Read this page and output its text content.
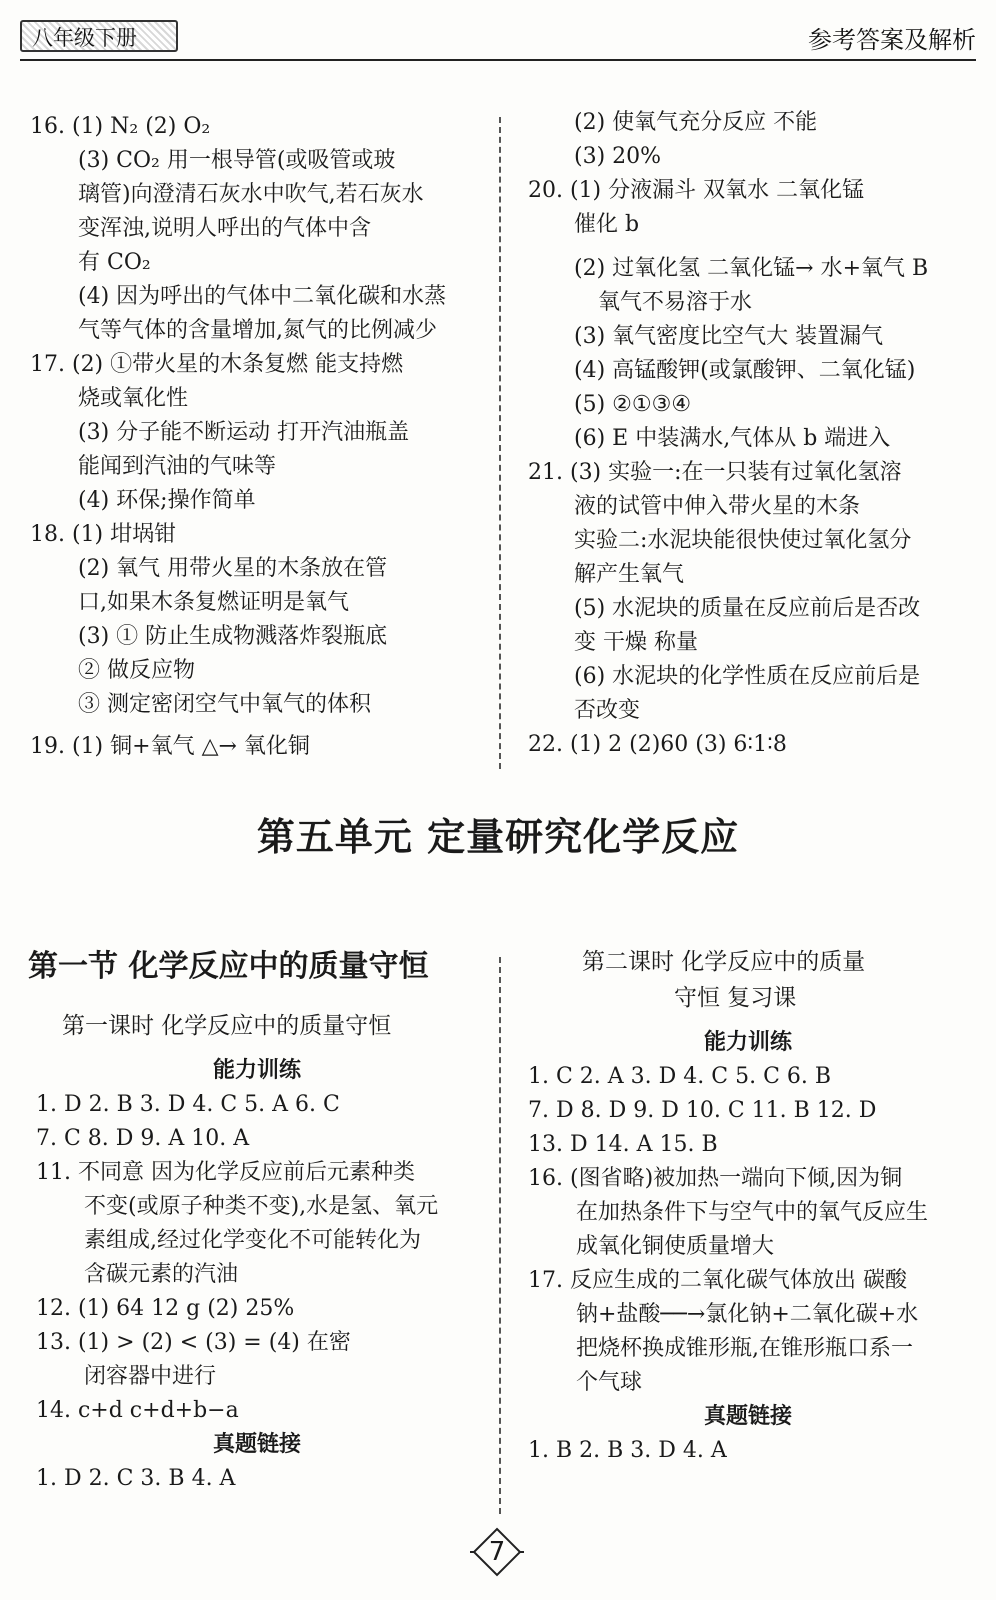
八年级下册	参考答案及解析
16. (1) N₂ (2) O₂
(3) CO₂ 用一根导管(或吸管或玻
璃管)向澄清石灰水中吹气,若石灰水
变浑浊,说明人呼出的气体中含
有 CO₂
(4) 因为呼出的气体中二氧化碳和水蒸
气等气体的含量增加,氮气的比例减少
17. (2) ①带火星的木条复燃 能支持燃
烧或氧化性
(3) 分子能不断运动 打开汽油瓶盖
能闻到汽油的气味等
(4) 环保;操作简单
18. (1) 坩埚钳
(2) 氧气 用带火星的木条放在管
口,如果木条复燃证明是氧气
(3) ① 防止生成物溅落炸裂瓶底
② 做反应物
③ 测定密闭空气中氧气的体积
19. (1) 铜+氧气 △→ 氧化铜
(2) 使氧气充分反应 不能
(3) 20%
20. (1) 分液漏斗 双氧水 二氧化锰
催化 b
(2) 过氧化氢 二氧化锰→ 水+氧气 B
氧气不易溶于水
(3) 氧气密度比空气大 装置漏气
(4) 高锰酸钾(或氯酸钾、二氧化锰)
(5) ②①③④
(6) E 中装满水,气体从 b 端进入
21. (3) 实验一:在一只装有过氧化氢溶
液的试管中伸入带火星的木条
实验二:水泥块能很快使过氧化氢分
解产生氧气
(5) 水泥块的质量在反应前后是否改
变 干燥 称量
(6) 水泥块的化学性质在反应前后是
否改变
22. (1) 2 (2)60 (3) 6∶1∶8
第五单元 定量研究化学反应
第一节 化学反应中的质量守恒
第一课时 化学反应中的质量守恒
能力训练
1. D 2. B 3. D 4. C 5. A 6. C
7. C 8. D 9. A 10. A
11. 不同意 因为化学反应前后元素种类
不变(或原子种类不变),水是氢、氧元
素组成,经过化学变化不可能转化为
含碳元素的汽油
12. (1) 64 12 g (2) 25%
13. (1) > (2) < (3) = (4) 在密
闭容器中进行
14. c+d c+d+b−a
真题链接
1. D 2. C 3. B 4. A
第二课时 化学反应中的质量
守恒 复习课
能力训练
1. C 2. A 3. D 4. C 5. C 6. B
7. D 8. D 9. D 10. C 11. B 12. D
13. D 14. A 15. B
16. (图省略)被加热一端向下倾,因为铜
在加热条件下与空气中的氧气反应生
成氧化铜使质量增大
17. 反应生成的二氧化碳气体放出 碳酸
钠+盐酸──→氯化钠+二氧化碳+水
把烧杯换成锥形瓶,在锥形瓶口系一
个气球
真题链接
1. B 2. B 3. D 4. A
7
